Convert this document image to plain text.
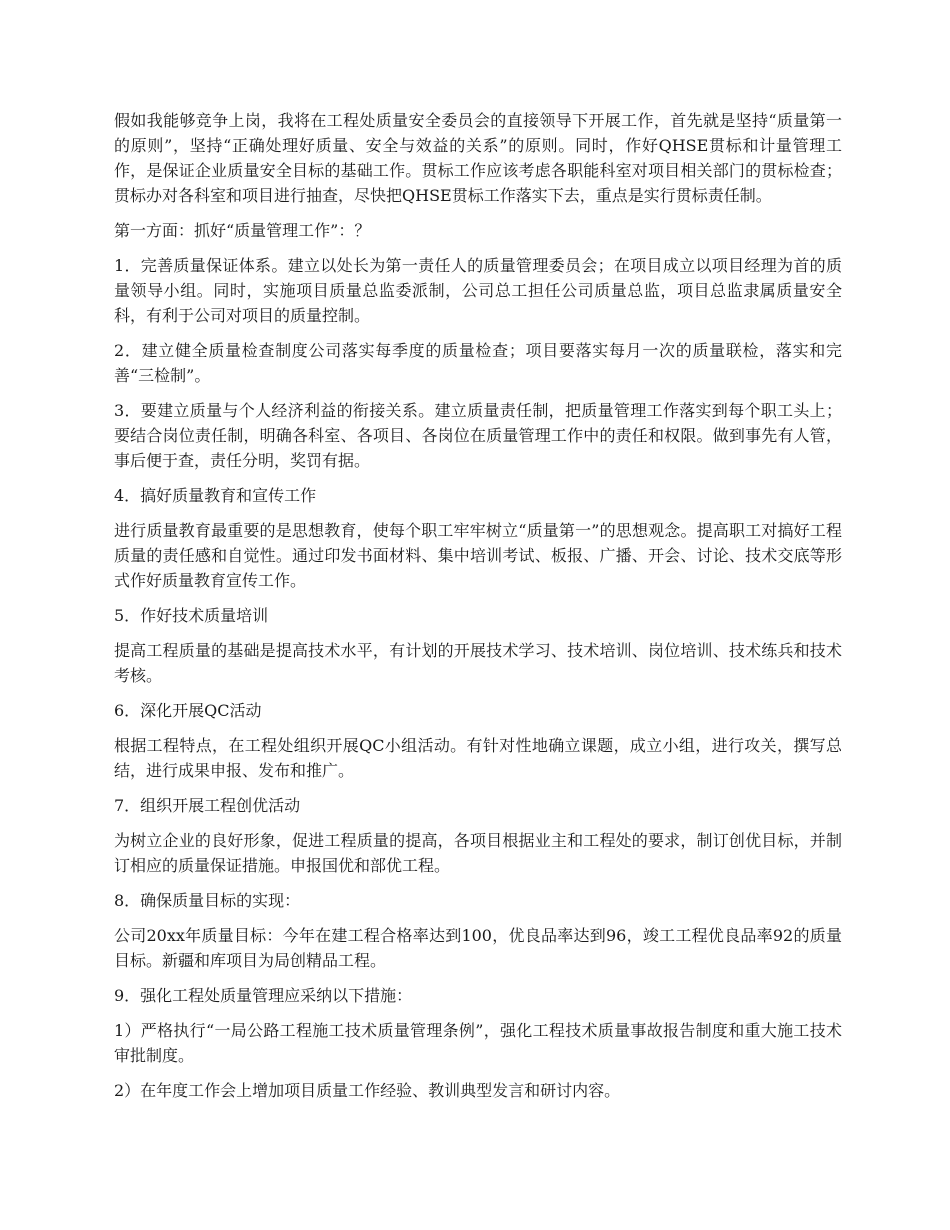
假如我能够竞争上岗，我将在工程处质量安全委员会的直接领导下开展工作，首先就是坚持“质量第一的原则”，坚持“正确处理好质量、安全与效益的关系”的原则。同时，作好QHSE贯标和计量管理工作，是保证企业质量安全目标的基础工作。贯标工作应该考虑各职能科室对项目相关部门的贯标检查；贯标办对各科室和项目进行抽查，尽快把QHSE贯标工作落实下去，重点是实行贯标责任制。

第一方面：抓好“质量管理工作”：？

1．完善质量保证体系。建立以处长为第一责任人的质量管理委员会；在项目成立以项目经理为首的质量领导小组。同时，实施项目质量总监委派制，公司总工担任公司质量总监，项目总监隶属质量安全科，有利于公司对项目的质量控制。

2．建立健全质量检查制度公司落实每季度的质量检查；项目要落实每月一次的质量联检，落实和完善“三检制”。

3．要建立质量与个人经济利益的衔接关系。建立质量责任制，把质量管理工作落实到每个职工头上；要结合岗位责任制，明确各科室、各项目、各岗位在质量管理工作中的责任和权限。做到事先有人管，事后便于查，责任分明，奖罚有据。

4．搞好质量教育和宣传工作

进行质量教育最重要的是思想教育，使每个职工牢牢树立“质量第一”的思想观念。提高职工对搞好工程质量的责任感和自觉性。通过印发书面材料、集中培训考试、板报、广播、开会、讨论、技术交底等形式作好质量教育宣传工作。

5．作好技术质量培训

提高工程质量的基础是提高技术水平，有计划的开展技术学习、技术培训、岗位培训、技术练兵和技术考核。

6．深化开展QC活动

根据工程特点，在工程处组织开展QC小组活动。有针对性地确立课题，成立小组，进行攻关，撰写总结，进行成果申报、发布和推广。

7．组织开展工程创优活动

为树立企业的良好形象，促进工程质量的提高，各项目根据业主和工程处的要求，制订创优目标，并制订相应的质量保证措施。申报国优和部优工程。

8．确保质量目标的实现：

公司20xx年质量目标：今年在建工程合格率达到100，优良品率达到96，竣工工程优良品率92的质量目标。新疆和库项目为局创精品工程。

9．强化工程处质量管理应采纳以下措施：

1）严格执行“一局公路工程施工技术质量管理条例”，强化工程技术质量事故报告制度和重大施工技术审批制度。

2）在年度工作会上增加项目质量工作经验、教训典型发言和研讨内容。
